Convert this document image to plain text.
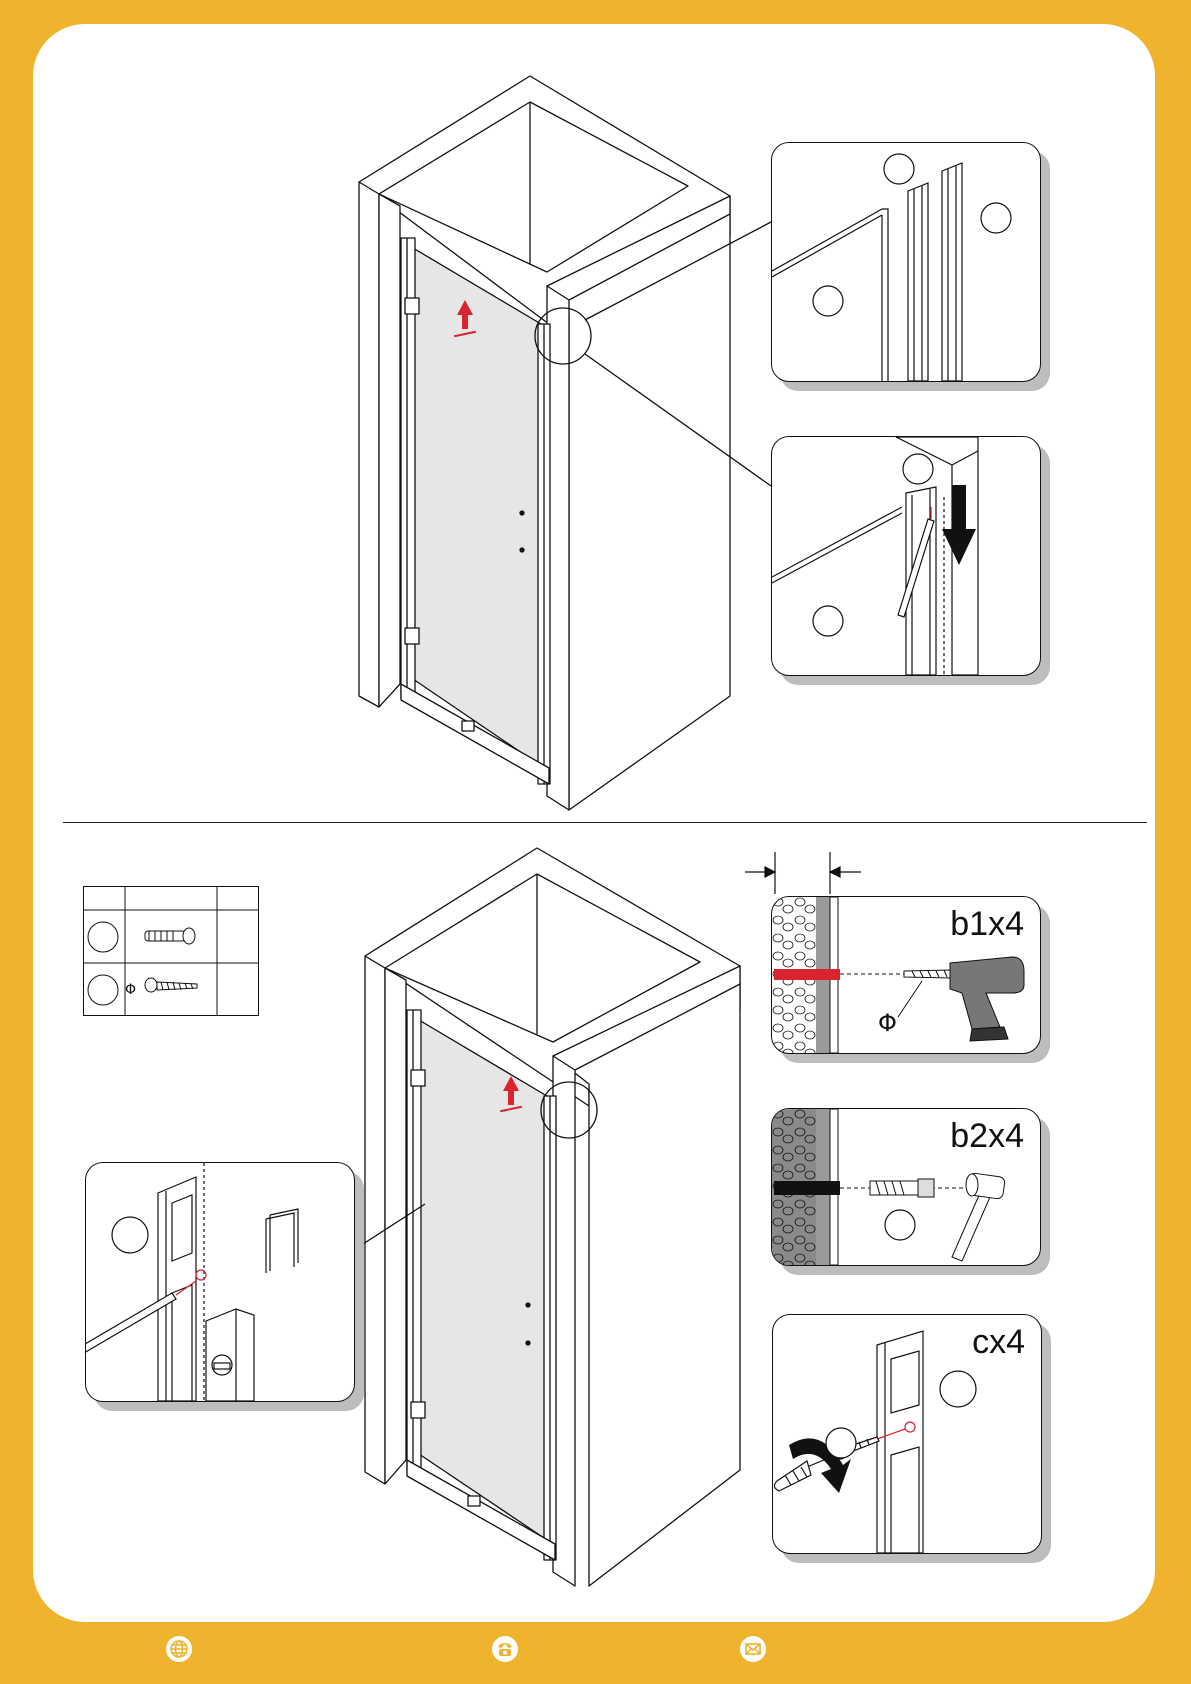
Φ
b1x4
Φ
b2x4
cx4
